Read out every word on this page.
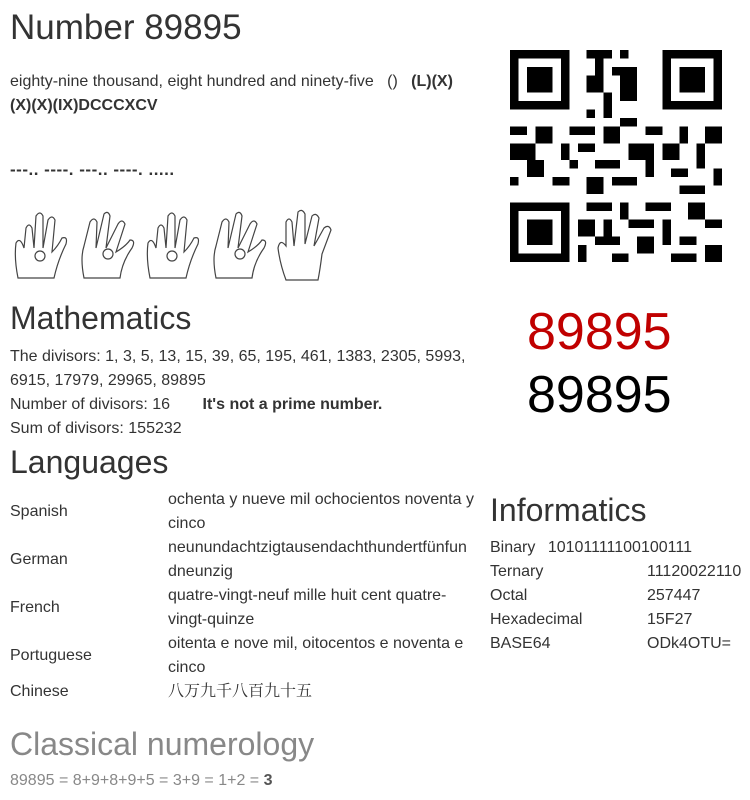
Number 89895
eighty-nine thousand, eight hundred and ninety-five () (L)(X)(X)(X)(IX)DCCCXCV
---.. ----. ---.. ----. .....
89895
89895
Mathematics
The divisors: 1, 3, 5, 13, 15, 39, 65, 195, 461, 1383, 2305, 5993, 6915, 17979, 29965, 89895
Number of divisors: 16 It's not a prime number.
Sum of divisors: 155232
Languages
Spanish	ochenta y nueve mil ochocientos noventa y cinco
German	neunundachtzigtausendachthundertfünfundneunzig
French	quatre-vingt-neuf mille huit cent quatre-vingt-quinze
Portuguese	oitenta e nove mil, oitocentos e noventa e cinco
Chinese	八万九千八百九十五
Informatics
Binary 10101111100100111
Ternary	11120022110
Octal	257447
Hexadecimal	15F27
BASE64	ODk4OTU=
Classical numerology
89895 = 8+9+8+9+5 = 3+9 = 1+2 = 3
